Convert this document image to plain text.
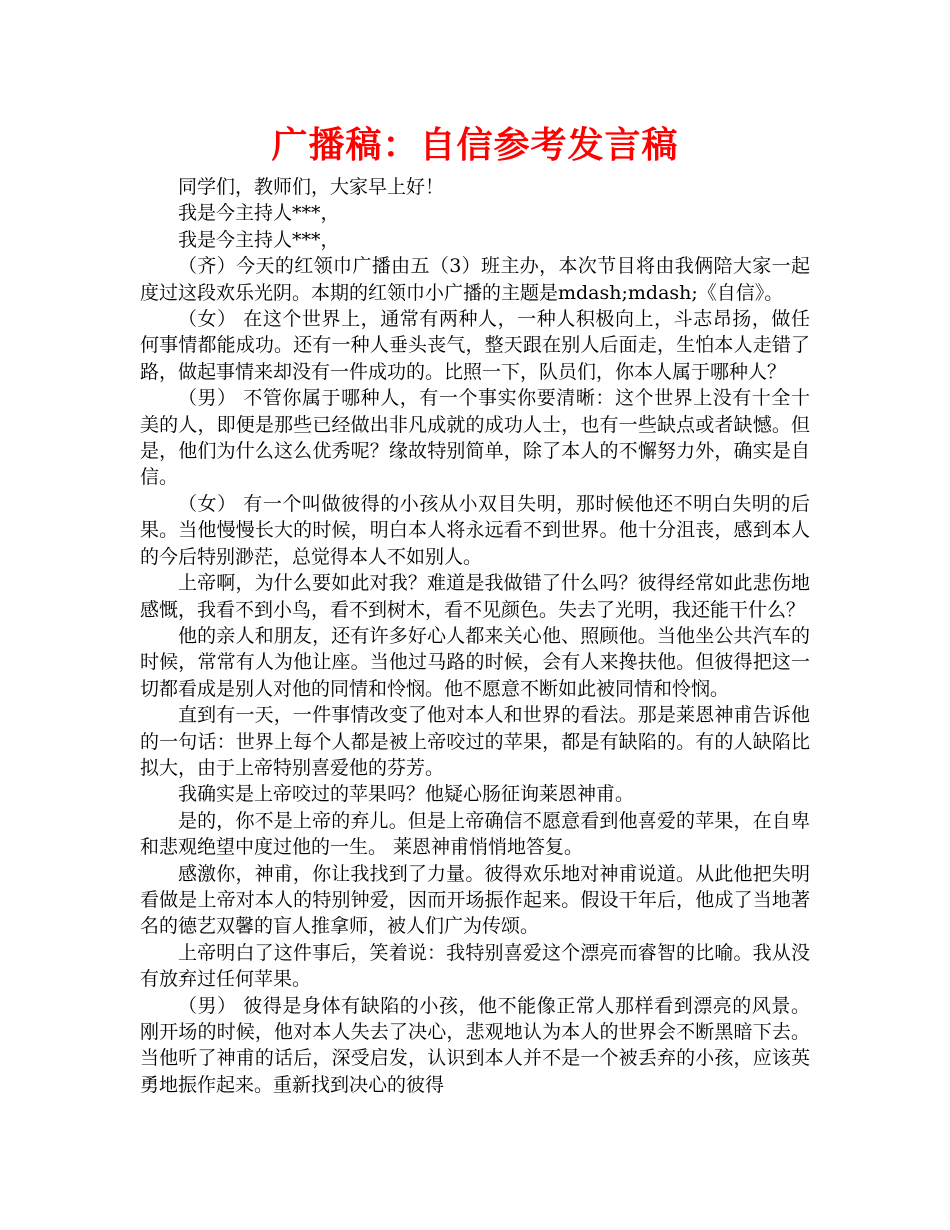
广播稿：自信参考发言稿

同学们，教师们，大家早上好！

我是今主持人***，

我是今主持人***，

（齐）今天的红领巾广播由五（3）班主办，本次节目将由我俩陪大家一起度过这段欢乐光阴。本期的红领巾小广播的主题是mdash;mdash;《自信》。

（女） 在这个世界上，通常有两种人，一种人积极向上，斗志昂扬，做任何事情都能成功。还有一种人垂头丧气，整天跟在别人后面走，生怕本人走错了路，做起事情来却没有一件成功的。比照一下，队员们，你本人属于哪种人？

（男） 不管你属于哪种人，有一个事实你要清晰：这个世界上没有十全十美的人，即便是那些已经做出非凡成就的成功人士，也有一些缺点或者缺憾。但是，他们为什么这么优秀呢？缘故特别简单，除了本人的不懈努力外，确实是自信。

（女） 有一个叫做彼得的小孩从小双目失明，那时候他还不明白失明的后果。当他慢慢长大的时候，明白本人将永远看不到世界。他十分沮丧，感到本人的今后特别渺茫，总觉得本人不如别人。

上帝啊，为什么要如此对我？难道是我做错了什么吗？彼得经常如此悲伤地感慨，我看不到小鸟，看不到树木，看不见颜色。失去了光明，我还能干什么？

他的亲人和朋友，还有许多好心人都来关心他、照顾他。当他坐公共汽车的时候，常常有人为他让座。当他过马路的时候，会有人来搀扶他。但彼得把这一切都看成是别人对他的同情和怜悯。他不愿意不断如此被同情和怜悯。

直到有一天，一件事情改变了他对本人和世界的看法。那是莱恩神甫告诉他的一句话：世界上每个人都是被上帝咬过的苹果，都是有缺陷的。有的人缺陷比拟大，由于上帝特别喜爱他的芬芳。

我确实是上帝咬过的苹果吗？他疑心肠征询莱恩神甫。

是的，你不是上帝的弃儿。但是上帝确信不愿意看到他喜爱的苹果，在自卑和悲观绝望中度过他的一生。 莱恩神甫悄悄地答复。

感激你，神甫，你让我找到了力量。彼得欢乐地对神甫说道。从此他把失明看做是上帝对本人的特别钟爱，因而开场振作起来。假设干年后，他成了当地著名的德艺双馨的盲人推拿师，被人们广为传颂。

上帝明白了这件事后，笑着说：我特别喜爱这个漂亮而睿智的比喻。我从没有放弃过任何苹果。

（男） 彼得是身体有缺陷的小孩，他不能像正常人那样看到漂亮的风景。刚开场的时候，他对本人失去了决心，悲观地认为本人的世界会不断黑暗下去。当他听了神甫的话后，深受启发，认识到本人并不是一个被丢弃的小孩，应该英勇地振作起来。重新找到决心的彼得
